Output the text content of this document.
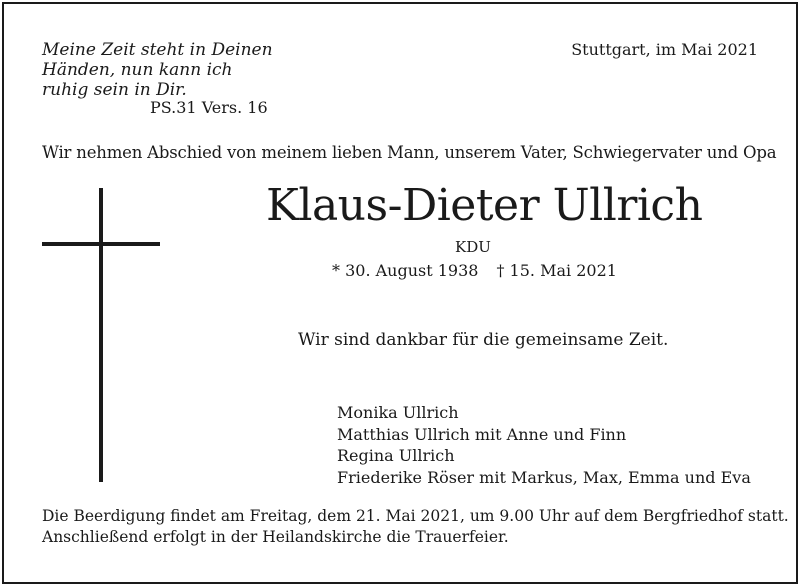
Meine Zeit steht in Deinen
Händen, nun kann ich
ruhig sein in Dir.
PS.31 Vers. 16
Stuttgart, im Mai 2021
Wir nehmen Abschied von meinem lieben Mann, unserem Vater, Schwiegervater und Opa
Klaus-Dieter Ullrich
KDU
* 30. August 1938 † 15. Mai 2021
Wir sind dankbar für die gemeinsame Zeit.
Monika Ullrich
Matthias Ullrich mit Anne und Finn
Regina Ullrich
Friederike Röser mit Markus, Max, Emma und Eva
Die Beerdigung findet am Freitag, dem 21. Mai 2021, um 9.00 Uhr auf dem Bergfriedhof statt.
Anschließend erfolgt in der Heilandskirche die Trauerfeier.
